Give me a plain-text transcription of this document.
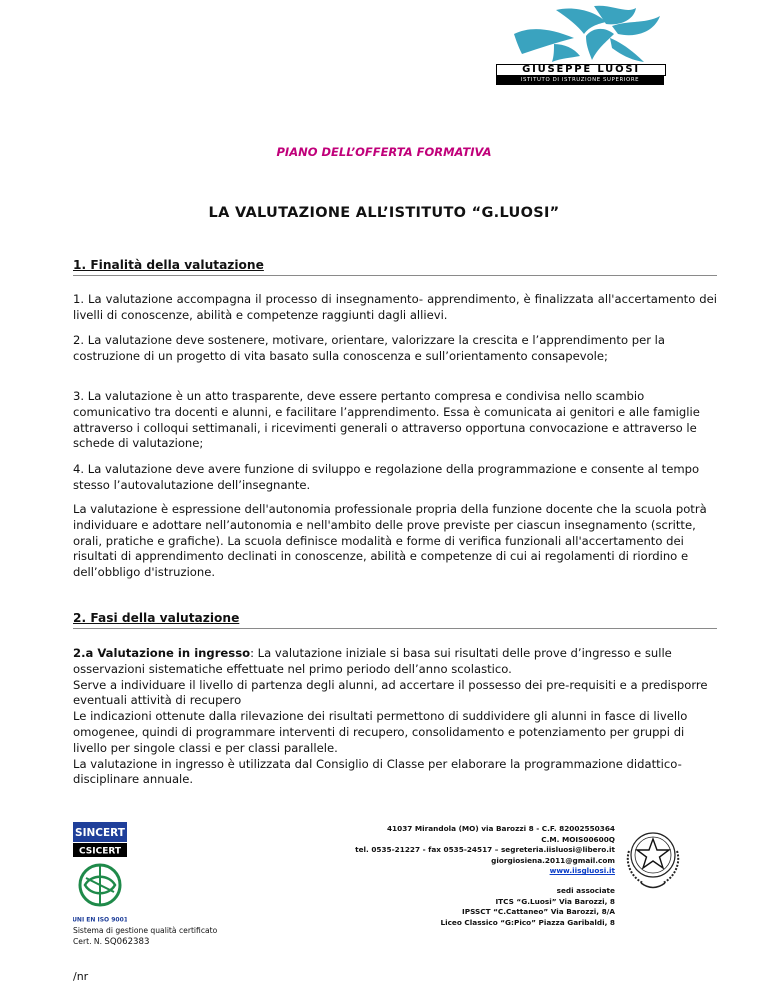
GIUSEPPE LUOSI
ISTITUTO DI ISTRUZIONE SUPERIORE
PIANO DELL’OFFERTA FORMATIVA
LA VALUTAZIONE ALL’ISTITUTO “G.LUOSI”
1. Finalità della valutazione

1. La valutazione accompagna il processo di insegnamento- apprendimento, è finalizzata all'accertamento dei livelli di conoscenze, abilità e competenze raggiunti dagli allievi.

2. La valutazione deve sostenere, motivare, orientare, valorizzare la crescita e l’apprendimento per la costruzione di un progetto di vita basato sulla conoscenza e sull’orientamento consapevole;

3. La valutazione è un atto trasparente, deve essere pertanto compresa e condivisa nello scambio comunicativo tra docenti e alunni, e facilitare l’apprendimento. Essa è comunicata ai genitori e alle famiglie attraverso i colloqui settimanali, i ricevimenti generali o attraverso opportuna convocazione e attraverso le schede di valutazione;

4. La valutazione deve avere funzione di sviluppo e regolazione della programmazione e consente al tempo stesso l’autovalutazione dell’insegnante.

La valutazione è espressione dell'autonomia professionale propria della funzione docente che la scuola potrà individuare e adottare nell’autonomia e nell'ambito delle prove previste per ciascun insegnamento (scritte, orali, pratiche e grafiche). La scuola definisce modalità e forme di verifica funzionali all'accertamento dei risultati di apprendimento declinati in conoscenze, abilità e competenze di cui ai regolamenti di riordino e dell’obbligo d'istruzione.

2. Fasi della valutazione
2.a Valutazione in ingresso: La valutazione iniziale si basa sui risultati delle prove d’ingresso e sulle osservazioni sistematiche effettuate nel primo periodo dell’anno scolastico.
Serve a individuare il livello di partenza degli alunni, ad accertare il possesso dei pre-requisiti e a predisporre eventuali attività di recupero
Le indicazioni ottenute dalla rilevazione dei risultati permettono di suddividere gli alunni in fasce di livello omogenee, quindi di programmare interventi di recupero, consolidamento e potenziamento per gruppi di livello per singole classi e per classi parallele.
La valutazione in ingresso è utilizzata dal Consiglio di Classe per elaborare la programmazione didattico-disciplinare annuale.
SINCERT
CSICERT
UNI EN ISO 9001
Sistema di gestione qualità certificato
Cert. N. SQ062383
41037 Mirandola (MO) via Barozzi 8 - C.F. 82002550364
C.M. MOIS00600Q
tel. 0535-21227 - fax 0535-24517 – segreteria.iisluosi@libero.it
giorgiosiena.2011@gmail.com
www.iisgluosi.it
sedi associate
ITCS “G.Luosi” Via Barozzi, 8
IPSSCT “C.Cattaneo” Via Barozzi, 8/A
Liceo Classico “G:Pico” Piazza Garibaldi, 8
/nr
